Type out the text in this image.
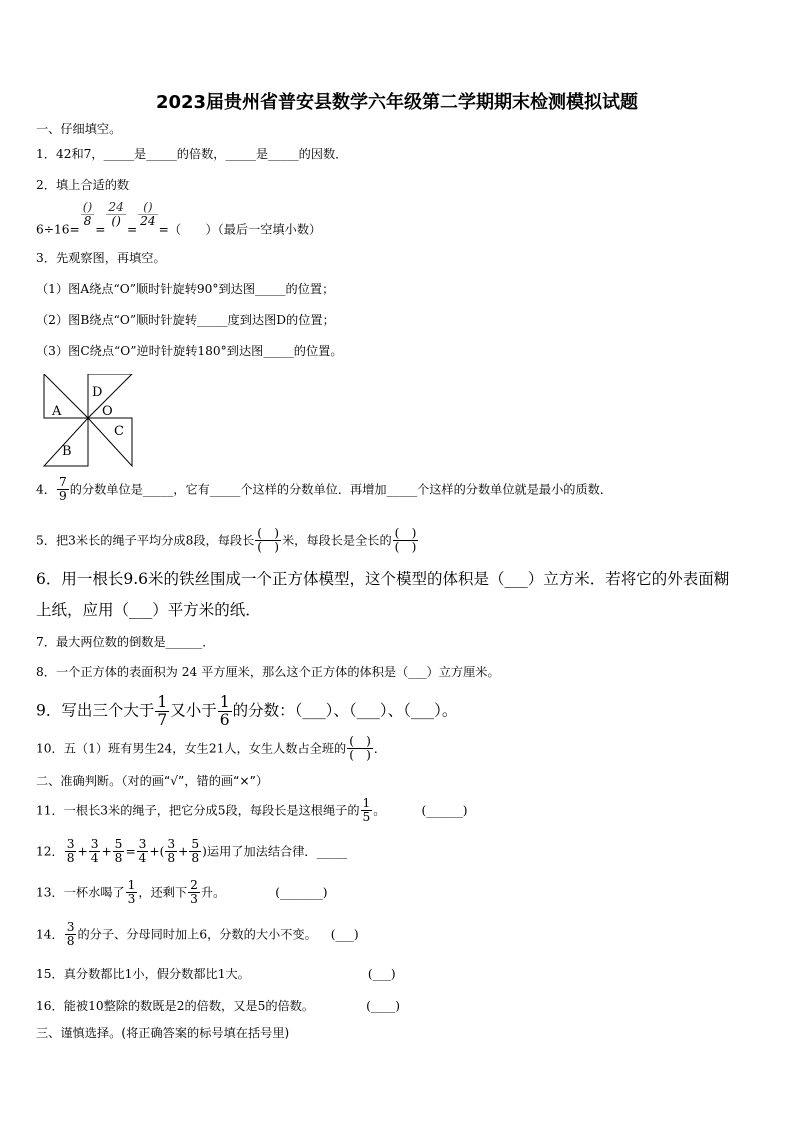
2023届贵州省普安县数学六年级第二学期期末检测模拟试题
一、仔细填空。
1．42和7，_____是_____的倍数，_____是_____的因数．
2．填上合适的数
6÷16=
()
8
=
24
()
=
()
24
=（　　）（最后一空填小数）
3．先观察图，再填空。
（1）图A绕点“O”顺时针旋转90°到达图_____的位置；
（2）图B绕点“O”顺时针旋转_____度到达图D的位置；
（3）图C绕点“O”逆时针旋转180°到达图_____的位置。
A
B
C
D
O
4． $\frac{7}{9}$ 的分数单位是_____，它有_____个这样的分数单位．再增加_____个这样的分数单位就是最小的质数．
5．把3米长的绳子平均分成8段，每段长
(　)
(　) 米，每段长是全长的
(　)
(　)
6．用一根长9.6米的铁丝围成一个正方体模型，这个模型的体积是（___）立方米．若将它的外表面糊
上纸，应用（___）平方米的纸．
7．最大两位数的倒数是______．
8．一个正方体的表面积为 24 平方厘米，那么这个正方体的体积是（___）立方厘米。
9．写出三个大于 $\frac{1}{7}$ 又小于 $\frac{1}{6}$ 的分数：（___）、（___）、（___）。
10．五（1）班有男生24，女生21人，女生人数占全班的
(　)
(　) ．
二、准确判断。（对的画“√”，错的画“×”）
11．一根长3米的绳子，把它分成5段，每段长是这根绳子的 $\frac{1}{5}$ 。	(______)
12． $\frac{3}{8} + \frac{3}{4} + \frac{5}{8} = \frac{3}{4}$ +( $\frac{3}{8} + \frac{5}{8}$ )运用了加法结合律．_____
13．一杯水喝了 $\frac{1}{3}$ ，还剩下 $\frac{2}{3}$ 升。	(_______)
14． $\frac{3}{8}$ 的分子、分母同时加上6，分数的大小不变。 (___)
15．真分数都比1小，假分数都比1大。	(___)
16．能被10整除的数既是2的倍数，又是5的倍数。	(____)
三、谨慎选择。(将正确答案的标号填在括号里)
